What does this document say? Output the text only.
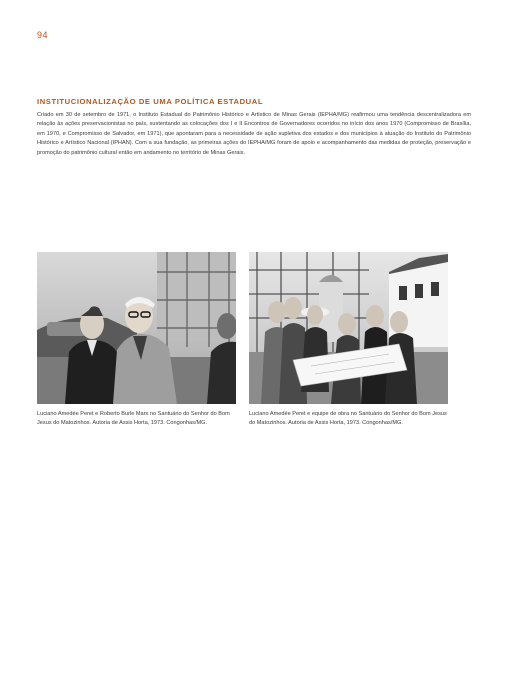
94
INSTITUCIONALIZAÇÃO DE UMA POLÍTICA ESTADUAL

Criado em 30 de setembro de 1971, o Instituto Estadual do Patrimônio Histórico e Artístico de Minas Gerais (IEPHA/MG) reafirmou uma tendência descentralizadora em relação às ações preservacionistas no país, sustentando as colocações dos I e II Encontros de Governadores ocorridos no início dos anos 1970 (Compromisso de Brasília, em 1970, e Compromisso de Salvador, em 1971), que apontaram para a necessidade de ação supletiva dos estados e dos municípios à atuação do Instituto do Patrimônio Histórico e Artístico Nacional (IPHAN). Com a sua fundação, as primeiras ações do IEPHA/MG foram de apoio e acompanhamento das medidas de proteção, preservação e promoção do patrimônio cultural então em andamento no território de Minas Gerais.

Luciano Amedée Peret e Roberto Burle Marx no Santuário do Senhor do Bom Jesus do Matozinhos. Autoria de Assis Horta, 1973. Congonhas/MG.

Luciano Amedée Peret e equipe de obra no Santuário do Senhor do Bom Jesus do Matozinhos. Autoria de Assis Horta, 1973. Congonhas/MG.
